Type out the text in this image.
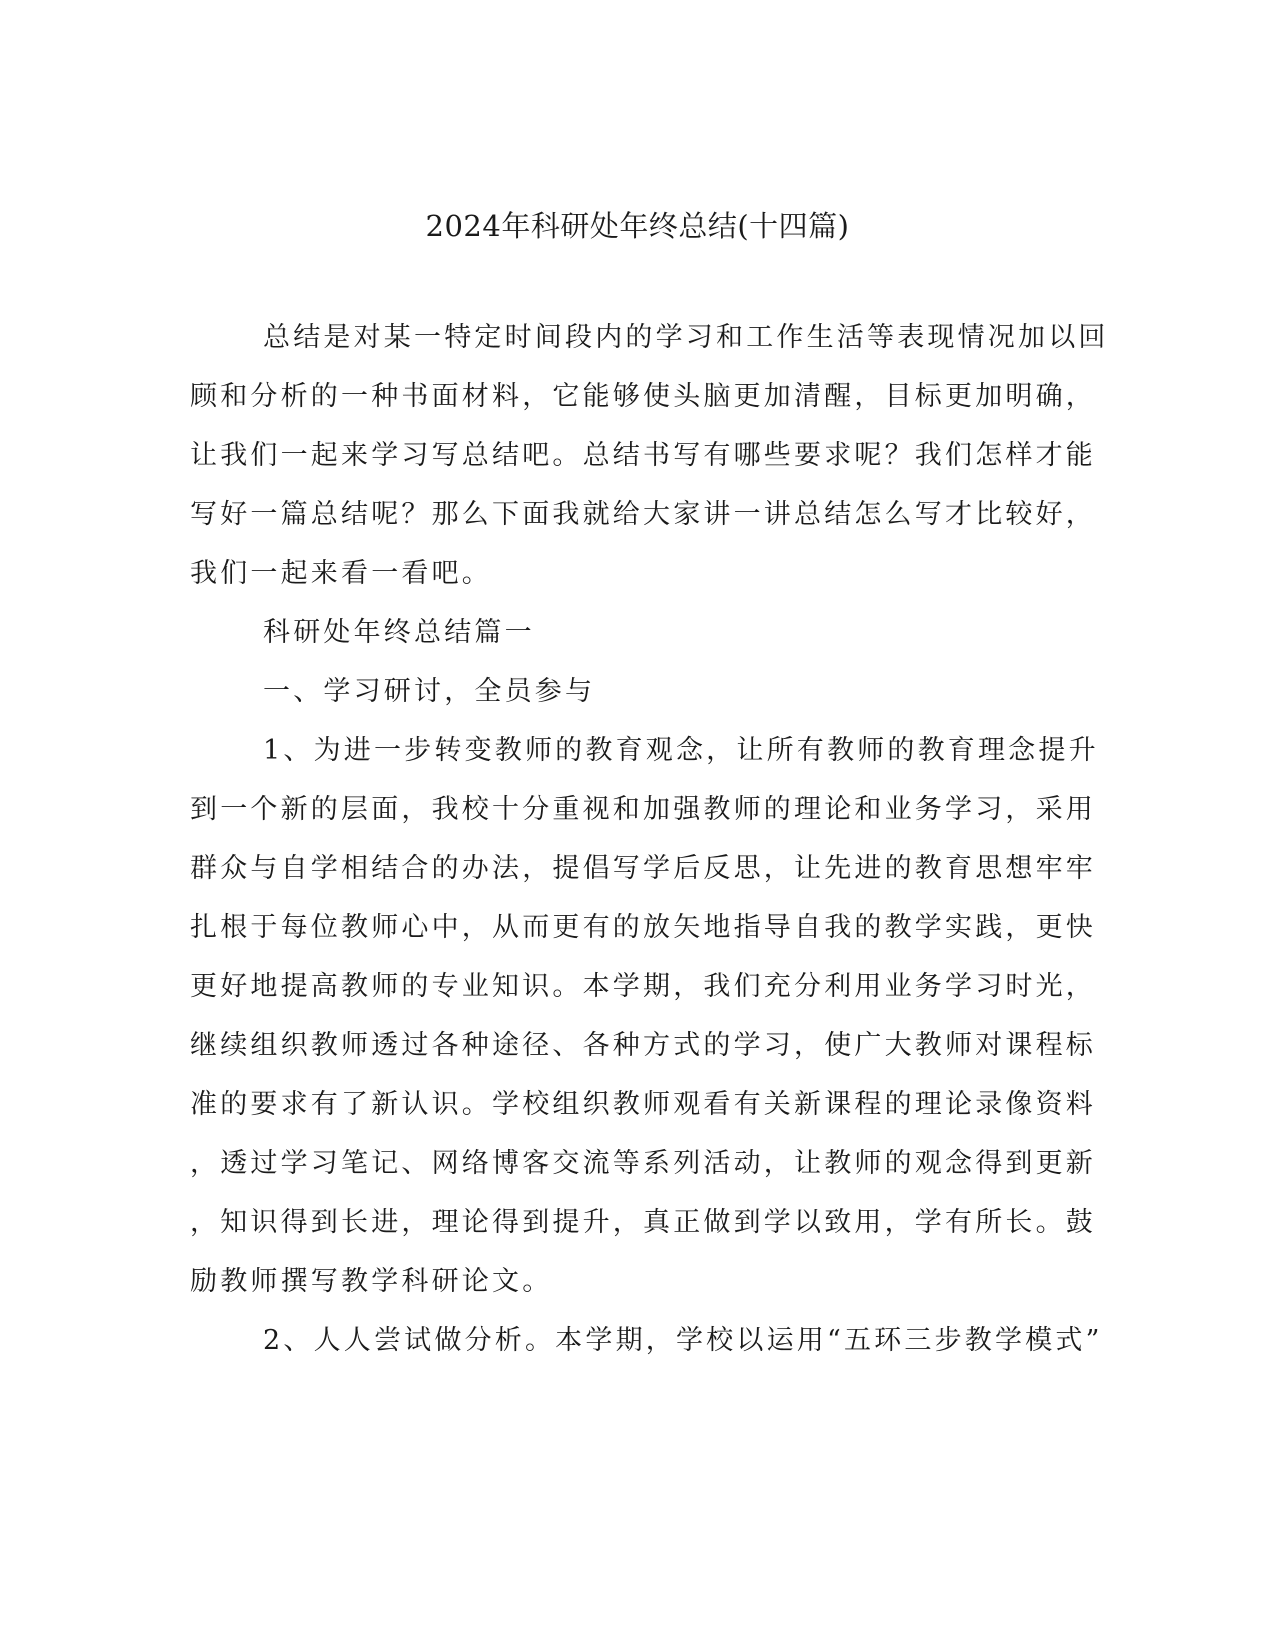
2024年科研处年终总结(十四篇)
总结是对某一特定时间段内的学习和工作生活等表现情况加以回
顾和分析的一种书面材料，它能够使头脑更加清醒，目标更加明确，
让我们一起来学习写总结吧。总结书写有哪些要求呢？我们怎样才能
写好一篇总结呢？那么下面我就给大家讲一讲总结怎么写才比较好，
我们一起来看一看吧。
科研处年终总结篇一
一、学习研讨，全员参与
1、为进一步转变教师的教育观念，让所有教师的教育理念提升
到一个新的层面，我校十分重视和加强教师的理论和业务学习，采用
群众与自学相结合的办法，提倡写学后反思，让先进的教育思想牢牢
扎根于每位教师心中，从而更有的放矢地指导自我的教学实践，更快
更好地提高教师的专业知识。本学期，我们充分利用业务学习时光，
继续组织教师透过各种途径、各种方式的学习，使广大教师对课程标
准的要求有了新认识。学校组织教师观看有关新课程的理论录像资料
，透过学习笔记、网络博客交流等系列活动，让教师的观念得到更新
，知识得到长进，理论得到提升，真正做到学以致用，学有所长。鼓
励教师撰写教学科研论文。
2、人人尝试做分析。本学期，学校以运用“五环三步教学模式”
